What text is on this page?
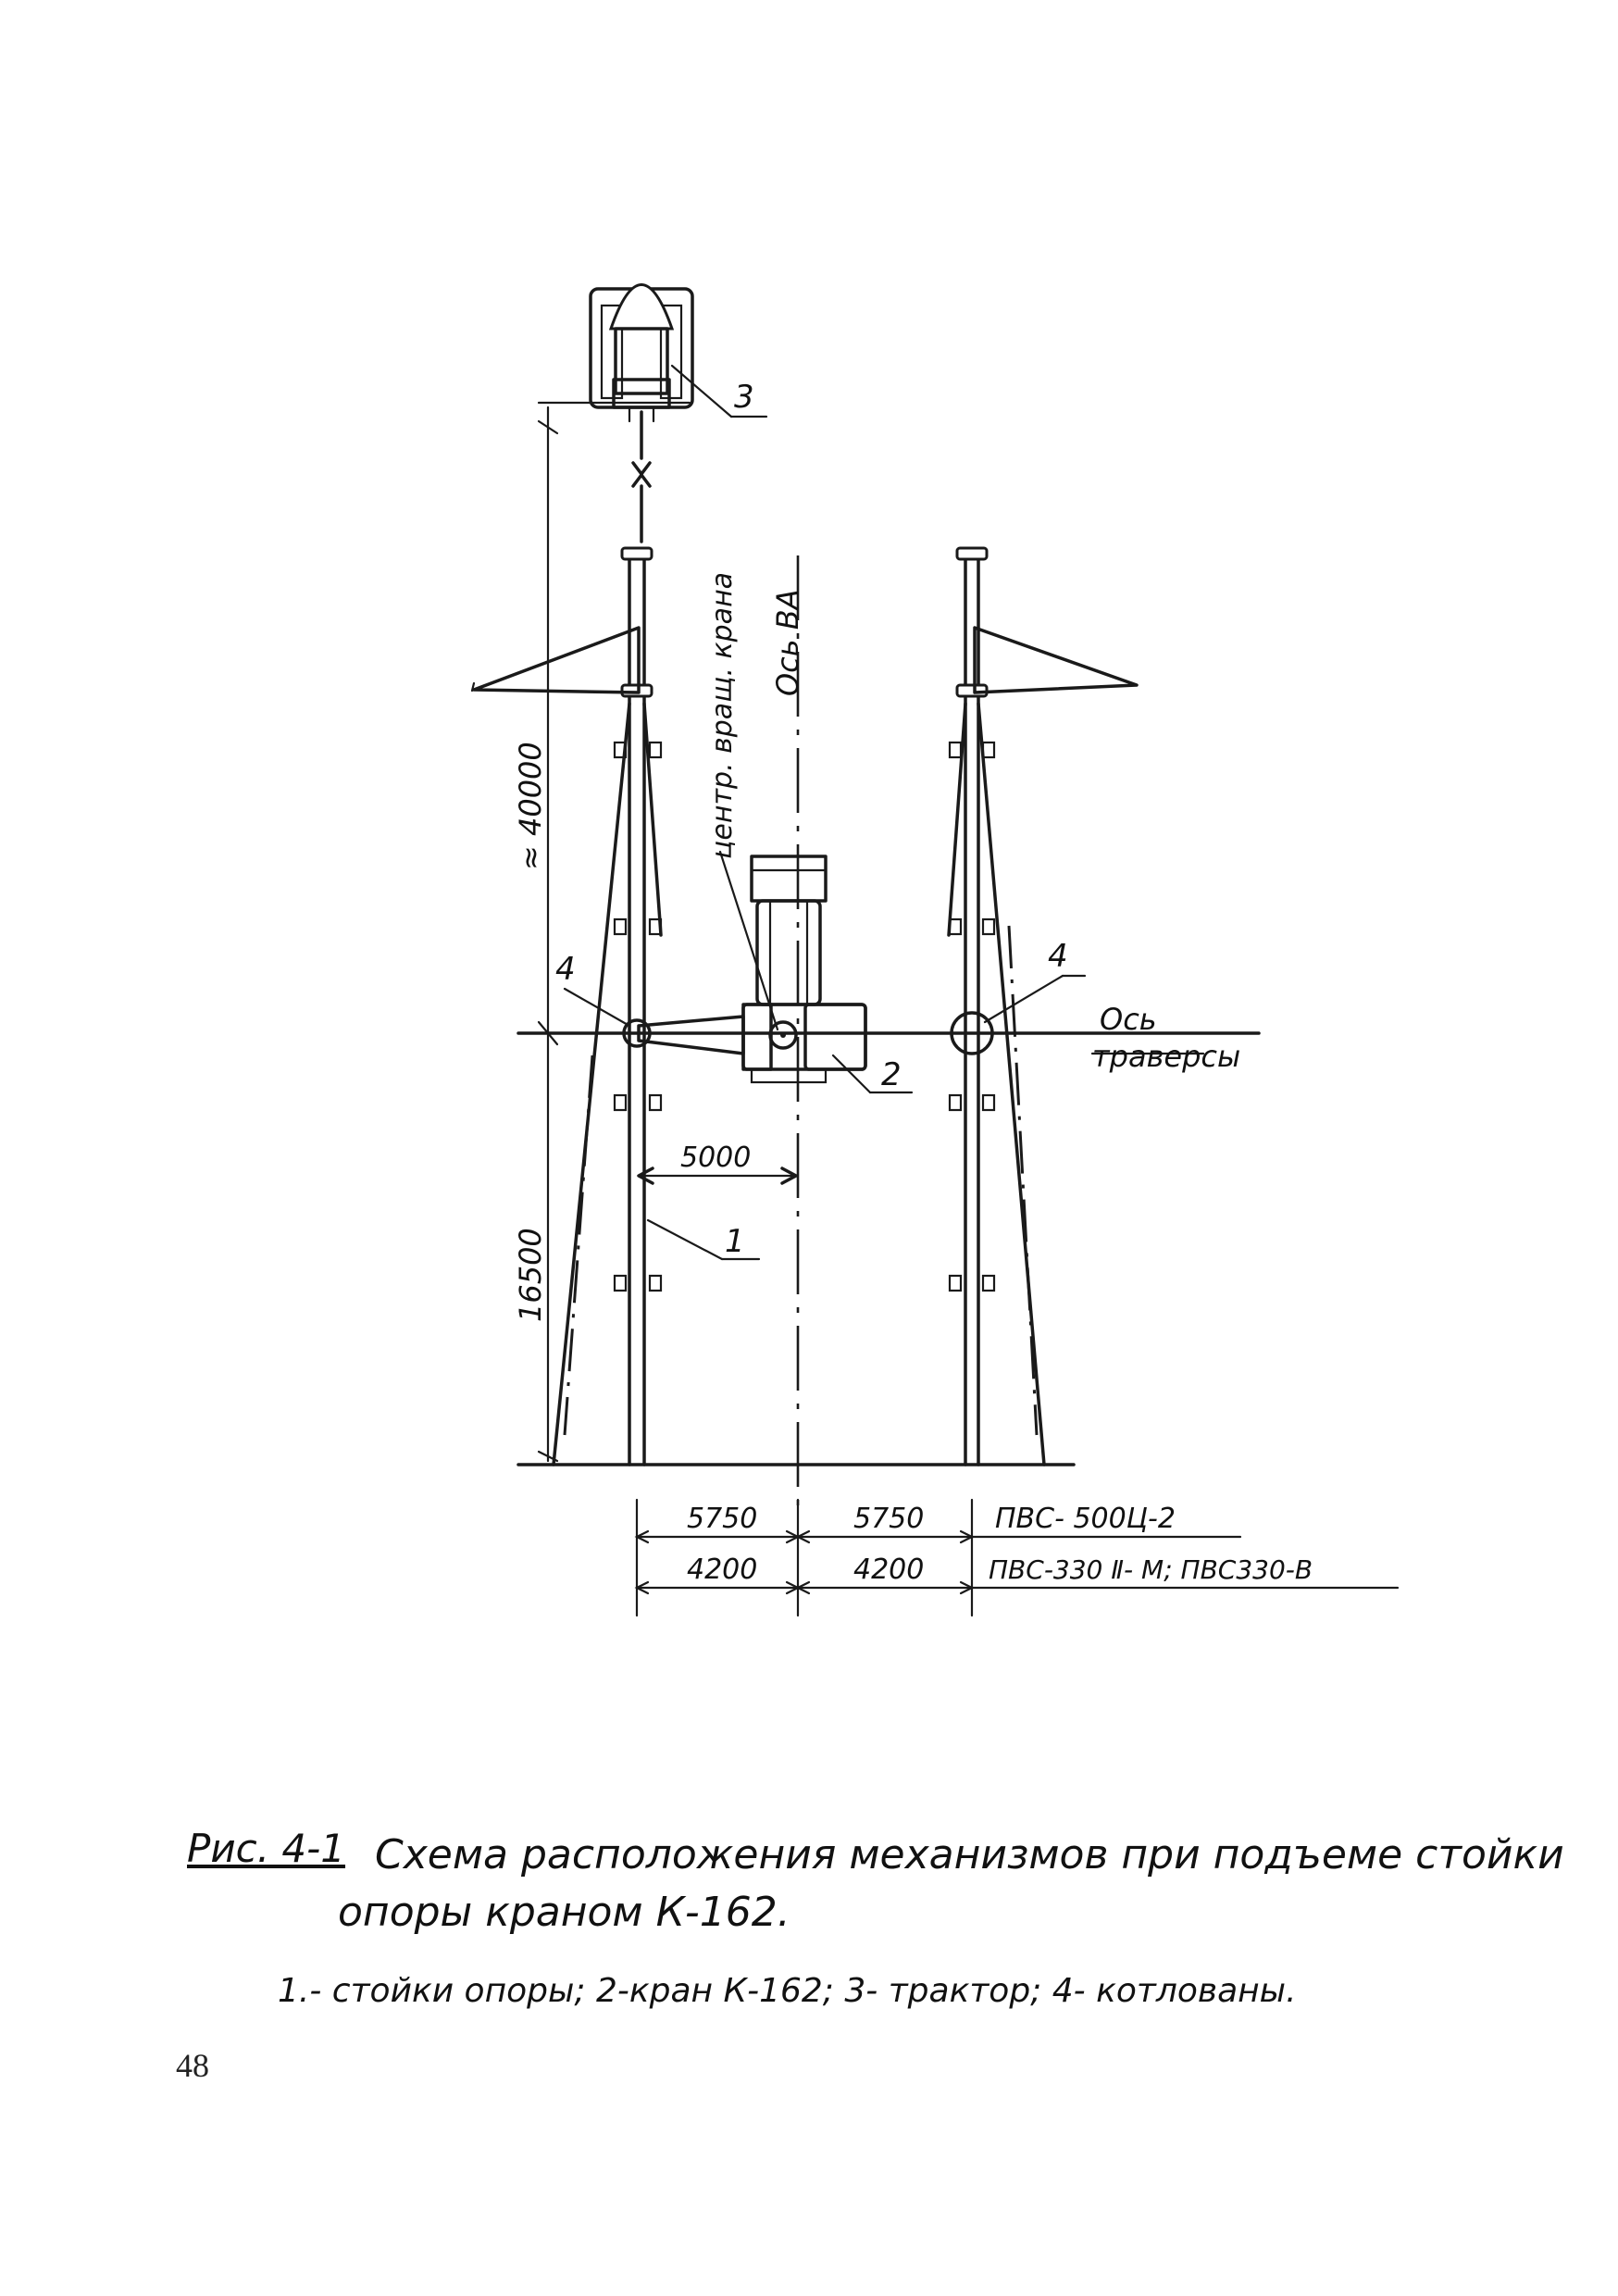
3
1
2
4	4
центр. вращ. крана Ось ВА
Ось
траверсы
≈ 40000
16500
5000
5750	5750	ПВС- 500Ц-2
4200	4200 ПВС-330 Ⅱ- М; ПВС330-В
Рис. 4-1 Схема расположения механизмов при подъеме стойки
опоры краном К-162.
1.- стойки опоры; 2-кран К-162; 3- трактор; 4- котлованы.
48
